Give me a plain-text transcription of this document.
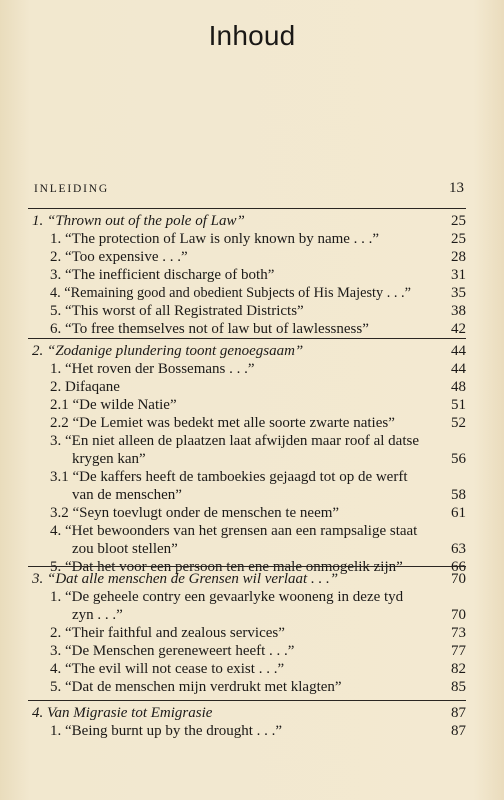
Inhoud
INLEIDING	13
1. “Thrown out of the pole of Law”	25
1. “The protection of Law is only known by name . . .”	25
2. “Too expensive . . .”	28
3. “The inefficient discharge of both”	31
4. “Remaining good and obedient Subjects of His Majesty . . .”	35
5. “This worst of all Registrated Districts”	38
6. “To free themselves not of law but of lawlessness”	42
2. “Zodanige plundering toont genoegsaam”	44
1. “Het roven der Bossemans . . .”	44
2. Difaqane	48
2.1 “De wilde Natie”	51
2.2 “De Lemiet was bedekt met alle soorte zwarte naties”	52
3. “En niet alleen de plaatzen laat afwijden maar roof al datse
krygen kan”	56
3.1 “De kaffers heeft de tamboekies gejaagd tot op de werft
van de menschen”	58
3.2 “Seyn toevlugt onder de menschen te neem”	61
4. “Het bewoonders van het grensen aan een rampsalige staat
zou bloot stellen”	63
5. “Dat het voor een persoon ten ene male onmogelik zijn”	66
3. “Dat alle menschen de Grensen wil verlaat . . .”	70
1. “De geheele contry een gevaarlyke wooneng in deze tyd
zyn . . .”	70
2. “Their faithful and zealous services”	73
3. “De Menschen gereneweert heeft . . .”	77
4. “The evil will not cease to exist . . .”	82
5. “Dat de menschen mijn verdrukt met klagten”	85
4. Van Migrasie tot Emigrasie	87
1. “Being burnt up by the drought . . .”	87
